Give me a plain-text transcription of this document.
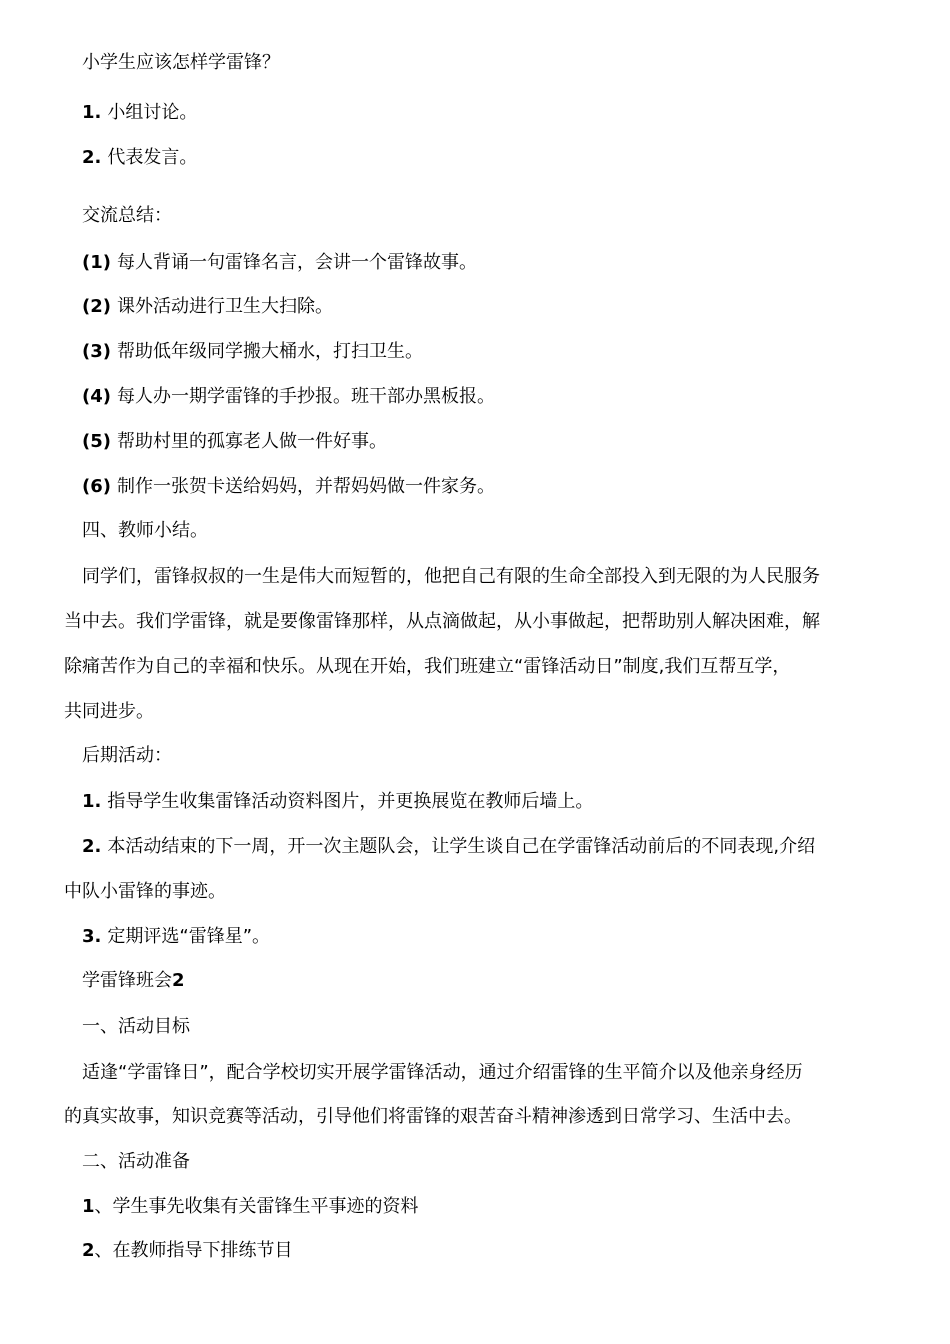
小学生应该怎样学雷锋？
1. 小组讨论。
2. 代表发言。
交流总结：
(1) 每人背诵一句雷锋名言，会讲一个雷锋故事。
(2) 课外活动进行卫生大扫除。
(3) 帮助低年级同学搬大桶水，打扫卫生。
(4) 每人办一期学雷锋的手抄报。班干部办黑板报。
(5) 帮助村里的孤寡老人做一件好事。
(6) 制作一张贺卡送给妈妈，并帮妈妈做一件家务。
四、教师小结。
同学们，雷锋叔叔的一生是伟大而短暂的，他把自己有限的生命全部投入到无限的为人民服务
当中去。我们学雷锋，就是要像雷锋那样，从点滴做起，从小事做起，把帮助别人解决困难，解
除痛苦作为自己的幸福和快乐。从现在开始，我们班建立“雷锋活动日”制度,我们互帮互学，
共同进步。
后期活动：
1. 指导学生收集雷锋活动资料图片，并更换展览在教师后墙上。
2. 本活动结束的下一周，开一次主题队会，让学生谈自己在学雷锋活动前后的不同表现,介绍
中队小雷锋的事迹。
3. 定期评选“雷锋星”。
学雷锋班会2
一、活动目标
适逢“学雷锋日”，配合学校切实开展学雷锋活动，通过介绍雷锋的生平简介以及他亲身经历
的真实故事，知识竞赛等活动，引导他们将雷锋的艰苦奋斗精神渗透到日常学习、生活中去。
二、活动准备
1、学生事先收集有关雷锋生平事迹的资料
2、在教师指导下排练节目
